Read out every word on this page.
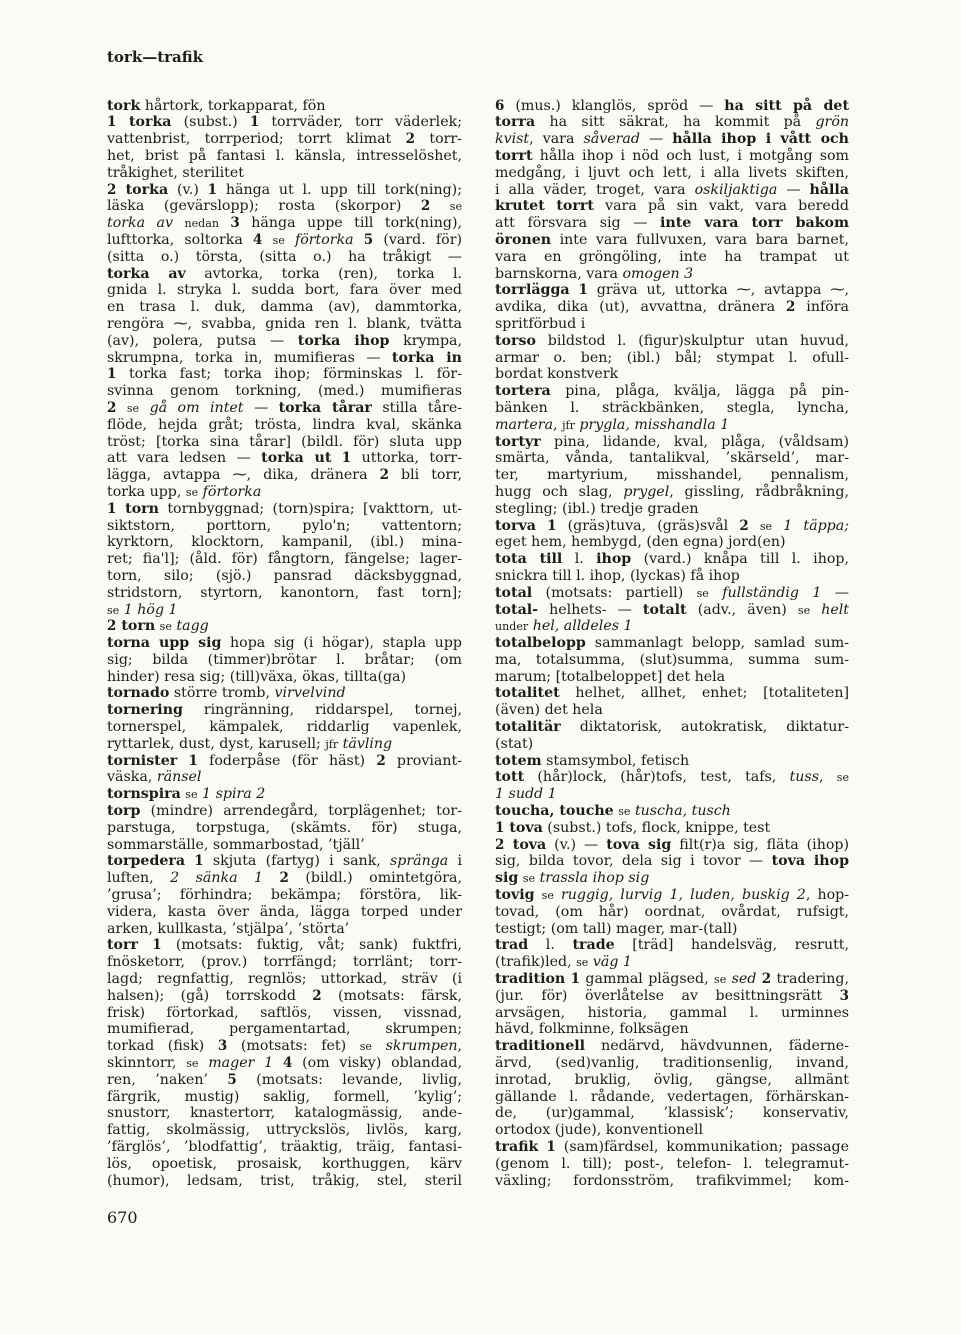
tork—trafik
tork hårtork, torkapparat, fön
1 torka (subst.) 1 torrväder, torr väderlek;
vattenbrist, torrperiod; torrt klimat 2 torr-
het, brist på fantasi l. känsla, intresselöshet,
tråkighet, sterilitet
2 torka (v.) 1 hänga ut l. upp till tork(ning);
läska (gevärslopp); rosta (skorpor) 2 se
torka av nedan 3 hänga uppe till tork(ning),
lufttorka, soltorka 4 se förtorka 5 (vard. för)
(sitta o.) törsta, (sitta o.) ha tråkigt —
torka av avtorka, torka (ren), torka l.
gnida l. stryka l. sudda bort, fara över med
en trasa l. duk, damma (av), dammtorka,
rengöra ⁓, svabba, gnida ren l. blank, tvätta
(av), polera, putsa — torka ihop krympa,
skrumpna, torka in, mumifieras — torka in
1 torka fast; torka ihop; förminskas l. för-
svinna genom torkning, (med.) mumifieras
2 se gå om intet — torka tårar stilla tåre-
flöde, hejda gråt; trösta, lindra kval, skänka
tröst; [torka sina tårar] (bildl. för) sluta upp
att vara ledsen — torka ut 1 uttorka, torr-
lägga, avtappa ⁓, dika, dränera 2 bli torr,
torka upp, se förtorka
1 torn tornbyggnad; (torn)spira; [vakttorn, ut-
siktstorn, porttorn, pylo'n; vattentorn;
kyrktorn, klocktorn, kampanil, (ibl.) mina-
ret; fia'l]; (åld. för) fångtorn, fängelse; lager-
torn, silo; (sjö.) pansrad däcksbyggnad,
stridstorn, styrtorn, kanontorn, fast torn];
se 1 hög 1
2 torn se tagg
torna upp sig hopa sig (i högar), stapla upp
sig; bilda (timmer)brötar l. bråtar; (om
hinder) resa sig; (till)växa, ökas, tillta(ga)
tornado större tromb, virvelvind
tornering ringränning, riddarspel, tornej,
tornerspel, kämpalek, riddarlig vapenlek,
ryttarlek, dust, dyst, karusell; jfr tävling
tornister 1 foderpåse (för häst) 2 proviant-
väska, ränsel
tornspira se 1 spira 2
torp (mindre) arrendegård, torplägenhet; tor-
parstuga, torpstuga, (skämts. för) stuga,
sommarställe, sommarbostad, ’tjäll’
torpedera 1 skjuta (fartyg) i sank, spränga i
luften, 2 sänka 1 2 (bildl.) omintetgöra,
’grusa’; förhindra; bekämpa; förstöra, lik-
videra, kasta över ända, lägga torped under
arken, kullkasta, ’stjälpa’, ’störta’
torr 1 (motsats: fuktig, våt; sank) fuktfri,
fnösketorr, (prov.) torrfängd; torrlänt; torr-
lagd; regnfattig, regnlös; uttorkad, sträv (i
halsen); (gå) torrskodd 2 (motsats: färsk,
frisk) förtorkad, saftlös, vissen, vissnad,
mumifierad, pergamentartad, skrumpen;
torkad (fisk) 3 (motsats: fet) se skrumpen,
skinntorr, se mager 1 4 (om visky) oblandad,
ren, ’naken’ 5 (motsats: levande, livlig,
färgrik, mustig) saklig, formell, ’kylig’;
snustorr, knastertorr, katalogmässig, ande-
fattig, skolmässig, uttryckslös, livlös, karg,
’färglös’, ’blodfattig’, träaktig, träig, fantasi-
lös, opoetisk, prosaisk, korthuggen, kärv
(humor), ledsam, trist, tråkig, stel, steril
6 (mus.) klanglös, spröd — ha sitt på det
torra ha sitt säkrat, ha kommit på grön
kvist, vara såverad — hålla ihop i vått och
torrt hålla ihop i nöd och lust, i motgång som
medgång, i ljuvt och lett, i alla livets skiften,
i alla väder, troget, vara oskiljaktiga — hålla
krutet torrt vara på sin vakt, vara beredd
att försvara sig — inte vara torr bakom
öronen inte vara fullvuxen, vara bara barnet,
vara en gröngöling, inte ha trampat ut
barnskorna, vara omogen 3
torrlägga 1 gräva ut, uttorka ⁓, avtappa ⁓,
avdika, dika (ut), avvattna, dränera 2 införa
spritförbud i
torso bildstod l. (figur)skulptur utan huvud,
armar o. ben; (ibl.) bål; stympat l. ofull-
bordat konstverk
tortera pina, plåga, kvälja, lägga på pin-
bänken l. sträckbänken, stegla, lyncha,
martera, jfr prygla, misshandla 1
tortyr pina, lidande, kval, plåga, (våldsam)
smärta, vånda, tantalikval, ’skärseld’, mar-
ter, martyrium, misshandel, pennalism,
hugg och slag, prygel, gissling, rådbråkning,
stegling; (ibl.) tredje graden
torva 1 (gräs)tuva, (gräs)svål 2 se 1 täppa;
eget hem, hembygd, (den egna) jord(en)
tota till l. ihop (vard.) knåpa till l. ihop,
snickra till l. ihop, (lyckas) få ihop
total (motsats: partiell) se fullständig 1 —
total- helhets- — totalt (adv., även) se helt
under hel, alldeles 1
totalbelopp sammanlagt belopp, samlad sum-
ma, totalsumma, (slut)summa, summa sum-
marum; [totalbeloppet] det hela
totalitet helhet, allhet, enhet; [totaliteten]
(även) det hela
totalitär diktatorisk, autokratisk, diktatur-
(stat)
totem stamsymbol, fetisch
tott (hår)lock, (hår)tofs, test, tafs, tuss, se
1 sudd 1
toucha, touche se tuscha, tusch
1 tova (subst.) tofs, flock, knippe, test
2 tova (v.) — tova sig filt(r)a sig, fläta (ihop)
sig, bilda tovor, dela sig i tovor — tova ihop
sig se trassla ihop sig
tovig se ruggig, lurvig 1, luden, buskig 2, hop-
tovad, (om hår) oordnat, ovårdat, rufsigt,
testigt; (om tall) mager, mar-(tall)
trad l. trade [träd] handelsväg, resrutt,
(trafik)led, se väg 1
tradition 1 gammal plägsed, se sed 2 tradering,
(jur. för) överlåtelse av besittningsrätt 3
arvsägen, historia, gammal l. urminnes
hävd, folkminne, folksägen
traditionell nedärvd, hävdvunnen, fäderne-
ärvd, (sed)vanlig, traditionsenlig, invand,
inrotad, bruklig, övlig, gängse, allmänt
gällande l. rådande, vedertagen, förhärskan-
de, (ur)gammal, ’klassisk’; konservativ,
ortodox (jude), konventionell
trafik 1 (sam)färdsel, kommunikation; passage
(genom l. till); post-, telefon- l. telegramut-
växling; fordonsström, trafikvimmel; kom-
670
